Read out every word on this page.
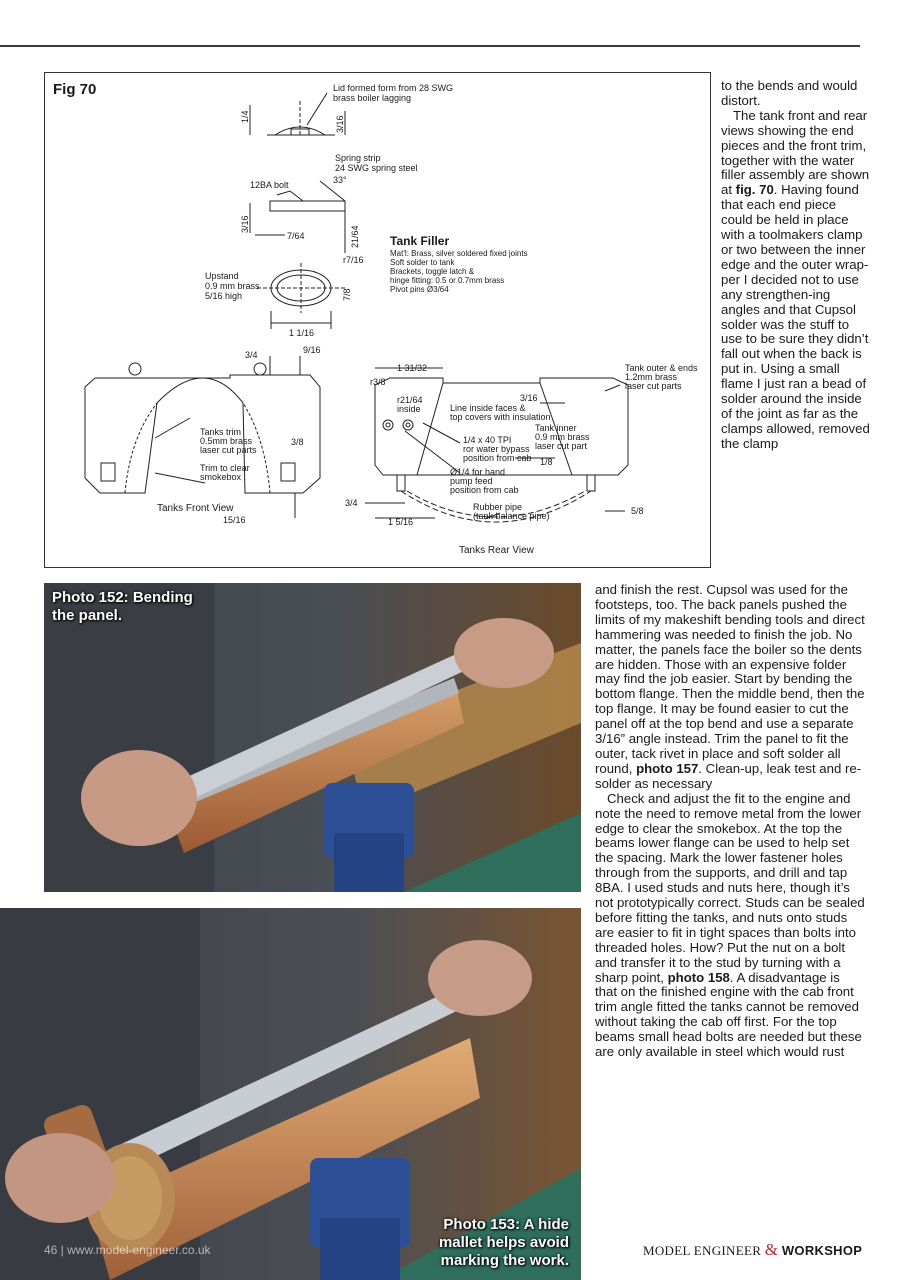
Fig 70	Lid formed form from 28 SWG
brass boiler lagging
1/4	3/16
Spring strip
24 SWG spring steel
12BA bolt	33°
3/16
7/64	21/64
r7/16
Upstand
0.9 mm brass
5/16 high	7/8
1 1/16
Tank Filler
Mat'l: Brass, silver soldered fixed joints
Soft solder to tank
Brackets, toggle latch &
hinge fitting: 0.5 or 0.7mm brass
Pivot pins Ø3/64
3/4	9/16
Tanks trim
0.5mm brass
laser cut parts
3/8
Trim to clear
smokebox
Tanks Front View
15/16
1 31/32
r3/8
r21/64
inside	Line inside faces &
top covers with insulation
Tank outer & ends
1.2mm brass
laser cut parts
3/16
1/4 x 40 TPI
ror water bypass
position from cab
Tank inner
0.9 mm brass
laser cut part
1/8
Ø1/4 for hand
pump feed
position from cab
3/4	Rubber pipe
(tank balance pipe)	5/8
1 5/16
Tanks Rear View
Photo 152: Bending the panel.
Photo 153: A hide mallet helps avoid marking the work.

to the bends and would distort.

The tank front and rear views showing the end pieces and the front trim, together with the water filler assembly are shown at fig. 70. Having found that each end piece could be held in place with a toolmakers clamp or two between the inner edge and the outer wrap-per I decided not to use any strengthen-ing angles and that Cupsol solder was the stuff to use to be sure they didn’t fall out when the back is put in. Using a small flame I just ran a bead of solder around the inside of the joint as far as the clamps allowed, removed the clamp

and finish the rest. Cupsol was used for the footsteps, too. The back panels pushed the limits of my makeshift bending tools and direct hammering was needed to finish the job. No matter, the panels face the boiler so the dents are hidden. Those with an expensive folder may find the job easier. Start by bending the bottom flange. Then the middle bend, then the top flange. It may be found easier to cut the panel off at the top bend and use a separate 3/16” angle instead. Trim the panel to fit the outer, tack rivet in place and soft solder all round, photo 157. Clean-up, leak test and re-solder as necessary

Check and adjust the fit to the engine and note the need to remove metal from the lower edge to clear the smokebox. At the top the beams lower flange can be used to help set the spacing. Mark the lower fastener holes through from the supports, and drill and tap 8BA. I used studs and nuts here, though it’s not prototypically correct. Studs can be sealed before fitting the tanks, and nuts onto studs are easier to fit in tight spaces than bolts into threaded holes. How? Put the nut on a bolt and transfer it to the stud by turning with a sharp point, photo 158. A disadvantage is that on the finished engine with the cab front trim angle fitted the tanks cannot be removed without taking the cab off first. For the top beams small head bolts are needed but these are only available in steel which would rust

46 | www.model-engineer.co.uk	MODEL ENGINEER & WORKSHOP
